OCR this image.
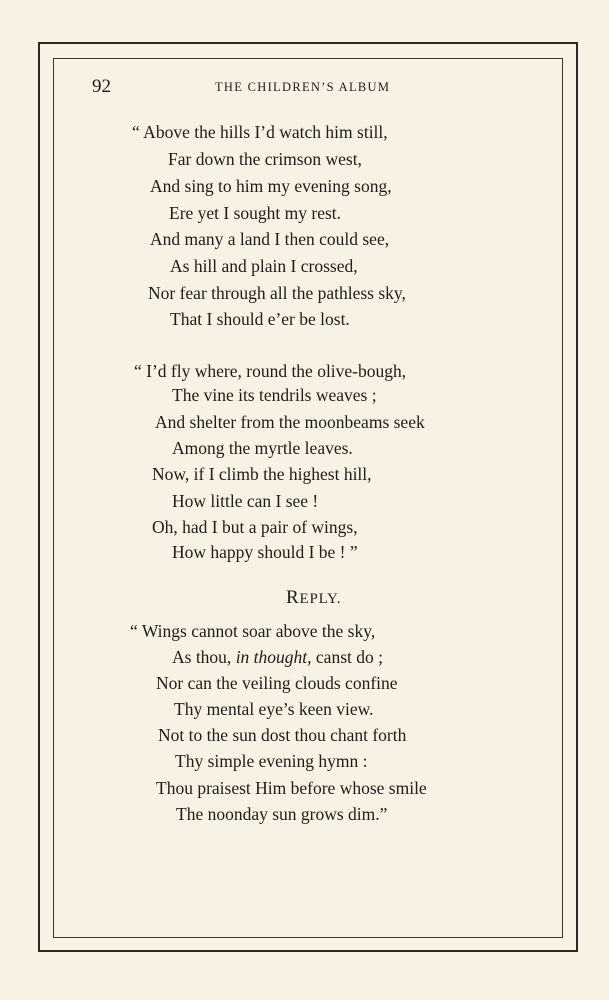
92	THE CHILDREN’S ALBUM
“ Above the hills I’d watch him still,
Far down the crimson west,
And sing to him my evening song,
Ere yet I sought my rest.
And many a land I then could see,
As hill and plain I crossed,
Nor fear through all the pathless sky,
That I should e’er be lost.
“ I’d fly where, round the olive-bough,
The vine its tendrils weaves ;
And shelter from the moonbeams seek
Among the myrtle leaves.
Now, if I climb the highest hill,
How little can I see !
Oh, had I but a pair of wings,
How happy should I be ! ”
REPLY.
“ Wings cannot soar above the sky,
As thou, in thought, canst do ;
Nor can the veiling clouds confine
Thy mental eye’s keen view.
Not to the sun dost thou chant forth
Thy simple evening hymn :
Thou praisest Him before whose smile
The noonday sun grows dim.”
